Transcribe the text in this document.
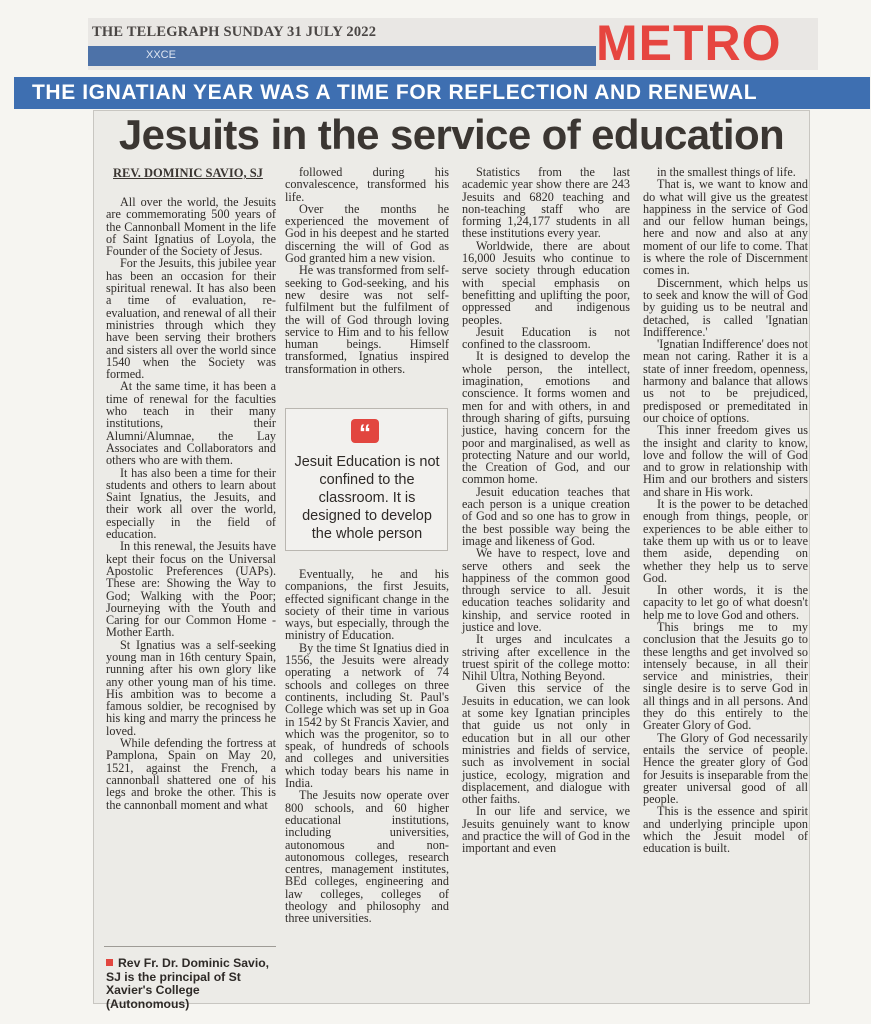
THE TELEGRAPH SUNDAY 31 JULY 2022
XXCE	METRO
THE IGNATIAN YEAR WAS A TIME FOR REFLECTION AND RENEWAL
Jesuits in the service of education
REV. DOMINIC SAVIO, SJ

All over the world, the Jesuits are commemorating 500 years of the Cannonball Moment in the life of Saint Ignatius of Loyola, the Founder of the Society of Jesus.

For the Jesuits, this jubilee year has been an occasion for their spiritual renewal. It has also been a time of evaluation, re-evaluation, and renewal of all their ministries through which they have been serving their brothers and sisters all over the world since 1540 when the Society was formed.

At the same time, it has been a time of renewal for the faculties who teach in their many institutions, their Alumni/Alumnae, the Lay Associates and Collaborators and others who are with them.

It has also been a time for their students and others to learn about Saint Ignatius, the Jesuits, and their work all over the world, especially in the field of education.

In this renewal, the Jesuits have kept their focus on the Universal Apostolic Preferences (UAPs). These are: Showing the Way to God; Walking with the Poor; Journeying with the Youth and Caring for our Common Home - Mother Earth.

St Ignatius was a self-seeking young man in 16th century Spain, running after his own glory like any other young man of his time. His ambition was to become a famous soldier, be recognised by his king and marry the princess he loved.

While defending the fortress at Pamplona, Spain on May 20, 1521, against the French, a cannonball shattered one of his legs and broke the other. This is the cannonball moment and what

followed during his convalescence, transformed his life.

Over the months he experienced the movement of God in his deepest and he started discerning the will of God as God granted him a new vision.

He was transformed from self-seeking to God-seeking, and his new desire was not self-fulfilment but the fulfilment of the will of God through loving service to Him and to his fellow human beings. Himself transformed, Ignatius inspired transformation in others.

“
Jesuit Education is not confined to the classroom. It is designed to develop the whole person

Eventually, he and his companions, the first Jesuits, effected significant change in the society of their time in various ways, but especially, through the ministry of Education.

By the time St Ignatius died in 1556, the Jesuits were already operating a network of 74 schools and colleges on three continents, including St. Paul's College which was set up in Goa in 1542 by St Francis Xavier, and which was the progenitor, so to speak, of hundreds of schools and colleges and universities which today bears his name in India.

The Jesuits now operate over 800 schools, and 60 higher educational institutions, including universities, autonomous and non-autonomous colleges, research centres, management institutes, BEd colleges, engineering and law colleges, colleges of theology and philosophy and three universities.

Statistics from the last academic year show there are 243 Jesuits and 6820 teaching and non-teaching staff who are forming 1,24,177 students in all these institutions every year.

Worldwide, there are about 16,000 Jesuits who continue to serve society through education with special emphasis on benefitting and uplifting the poor, oppressed and indigenous peoples.

Jesuit Education is not confined to the classroom.

It is designed to develop the whole person, the intellect, imagination, emotions and conscience. It forms women and men for and with others, in and through sharing of gifts, pursuing justice, having concern for the poor and marginalised, as well as protecting Nature and our world, the Creation of God, and our common home.

Jesuit education teaches that each person is a unique creation of God and so one has to grow in the best possible way being the image and likeness of God.

We have to respect, love and serve others and seek the happiness of the common good through service to all. Jesuit education teaches solidarity and kinship, and service rooted in justice and love.

It urges and inculcates a striving after excellence in the truest spirit of the college motto: Nihil Ultra, Nothing Beyond.

Given this service of the Jesuits in education, we can look at some key Ignatian principles that guide us not only in education but in all our other ministries and fields of service, such as involvement in social justice, ecology, migration and displacement, and dialogue with other faiths.

In our life and service, we Jesuits genuinely want to know and practice the will of God in the important and even

in the smallest things of life.

That is, we want to know and do what will give us the greatest happiness in the service of God and our fellow human beings, here and now and also at any moment of our life to come. That is where the role of Discernment comes in.

Discernment, which helps us to seek and know the will of God by guiding us to be neutral and detached, is called 'Ignatian Indifference.'

'Ignatian Indifference' does not mean not caring. Rather it is a state of inner freedom, openness, harmony and balance that allows us not to be prejudiced, predisposed or premeditated in our choice of options.

This inner freedom gives us the insight and clarity to know, love and follow the will of God and to grow in relationship with Him and our brothers and sisters and share in His work.

It is the power to be detached enough from things, people, or experiences to be able either to take them up with us or to leave them aside, depending on whether they help us to serve God.

In other words, it is the capacity to let go of what doesn't help me to love God and others.

This brings me to my conclusion that the Jesuits go to these lengths and get involved so intensely because, in all their service and ministries, their single desire is to serve God in all things and in all persons. And they do this entirely to the Greater Glory of God.

The Glory of God necessarily entails the service of people. Hence the greater glory of God for Jesuits is inseparable from the greater universal good of all people.

This is the essence and spirit and underlying principle upon which the Jesuit model of education is built.

Rev Fr. Dr. Dominic Savio, SJ is the principal of St Xavier's College (Autonomous)
